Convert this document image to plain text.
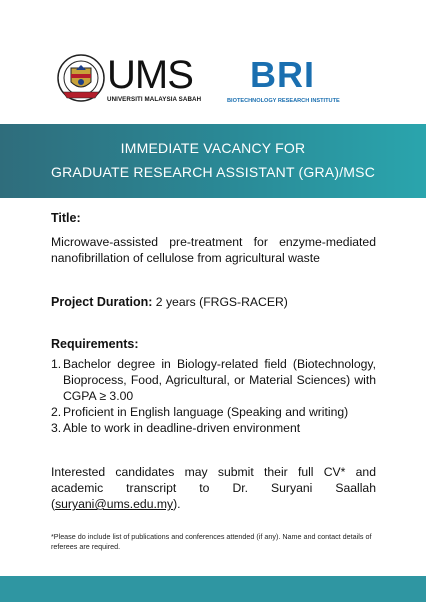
UMS
UNIVERSITI MALAYSIA SABAH
BRI
BIOTECHNOLOGY RESEARCH INSTITUTE
IMMEDIATE VACANCY FOR
GRADUATE RESEARCH ASSISTANT (GRA)/MSC
Title:
Microwave-assisted pre-treatment for enzyme-mediated nanofibrillation of cellulose from agricultural waste
Project Duration: 2 years (FRGS-RACER)
Requirements:
1. Bachelor degree in Biology-related field (Biotechnology, Bioprocess, Food, Agricultural, or Material Sciences) with CGPA ≥ 3.00
2. Proficient in English language (Speaking and writing)
3. Able to work in deadline-driven environment
Interested candidates may submit their full CV* and academic transcript to Dr. Suryani Saallah (suryani@ums.edu.my).
*Please do include list of publications and conferences attended (if any). Name and contact details of referees are required.
